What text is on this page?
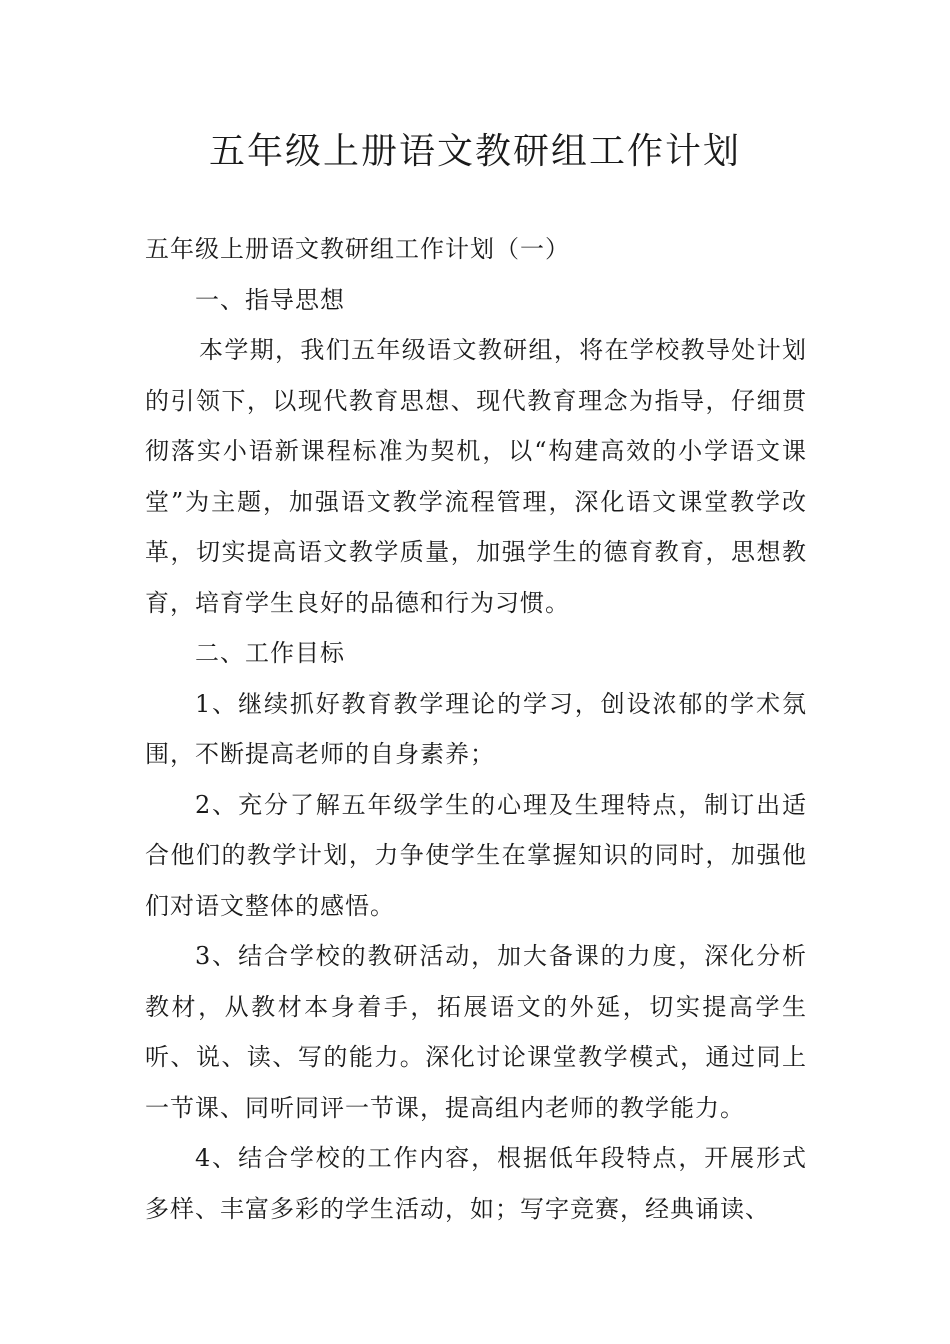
五年级上册语文教研组工作计划

五年级上册语文教研组工作计划（一）

一、指导思想

本学期，我们五年级语文教研组，将在学校教导处计划的引领下，以现代教育思想、现代教育理念为指导，仔细贯彻落实小语新课程标准为契机，以“构建高效的小学语文课堂”为主题，加强语文教学流程管理，深化语文课堂教学改革，切实提高语文教学质量，加强学生的德育教育，思想教育，培育学生良好的品德和行为习惯。

二、工作目标

1、继续抓好教育教学理论的学习，创设浓郁的学术氛围，不断提高老师的自身素养；

2、充分了解五年级学生的心理及生理特点，制订出适合他们的教学计划，力争使学生在掌握知识的同时，加强他们对语文整体的感悟。

3、结合学校的教研活动，加大备课的力度，深化分析教材，从教材本身着手，拓展语文的外延，切实提高学生听、说、读、写的能力。深化讨论课堂教学模式，通过同上一节课、同听同评一节课，提高组内老师的教学能力。

4、结合学校的工作内容，根据低年段特点，开展形式多样、丰富多彩的学生活动，如；写字竞赛，经典诵读、
